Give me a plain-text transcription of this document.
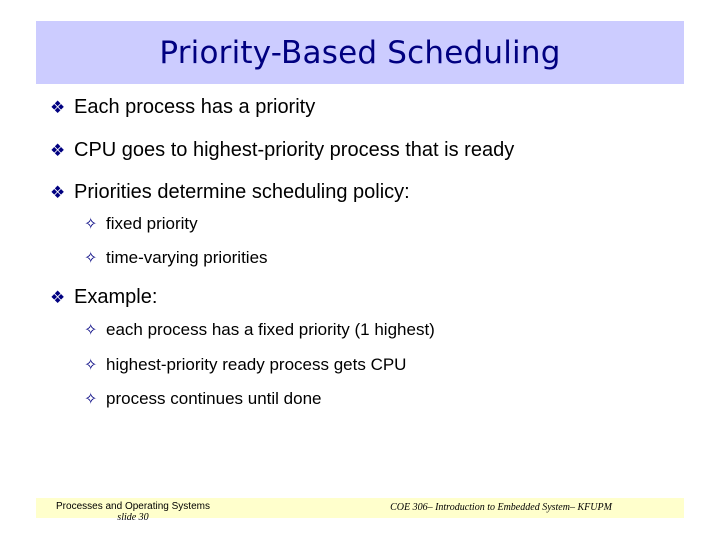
Priority-Based Scheduling
❖ Each process has a priority
❖ CPU goes to highest-priority process that is ready
❖ Priorities determine scheduling policy:
✧ fixed priority
✧ time-varying priorities
❖ Example:
✧ each process has a fixed priority (1 highest)
✧ highest-priority ready process gets CPU
✧ process continues until done
Processes and Operating Systems
slide 30
COE 306– Introduction to Embedded System– KFUPM
